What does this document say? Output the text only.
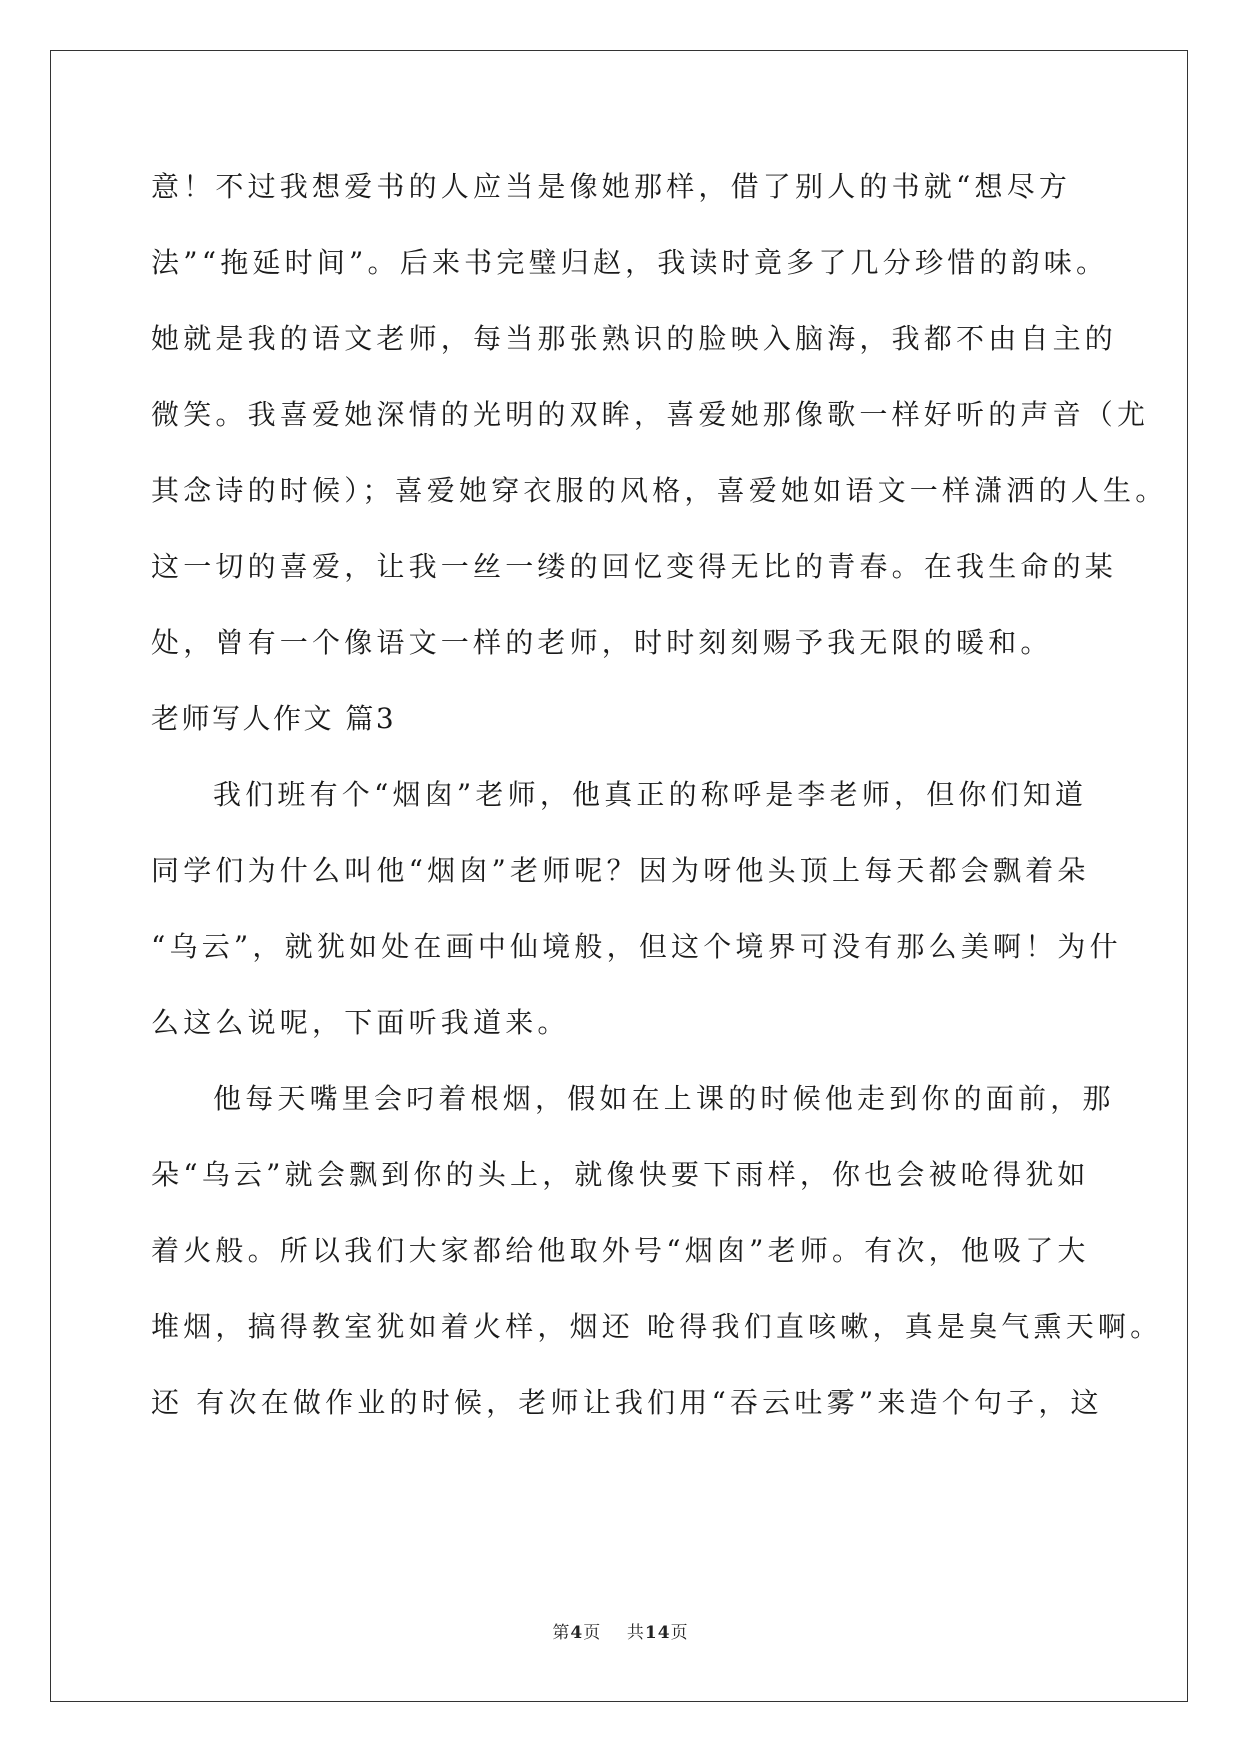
意！不过我想爱书的人应当是像她那样，借了别人的书就“想尽方
法”“拖延时间”。后来书完璧归赵，我读时竟多了几分珍惜的韵味。
她就是我的语文老师，每当那张熟识的脸映入脑海，我都不由自主的
微笑。我喜爱她深情的光明的双眸，喜爱她那像歌一样好听的声音（尤
其念诗的时候）；喜爱她穿衣服的风格，喜爱她如语文一样潇洒的人生。
这一切的喜爱，让我一丝一缕的回忆变得无比的青春。在我生命的某
处，曾有一个像语文一样的老师，时时刻刻赐予我无限的暖和。
老师写人作文 篇3
我们班有个“烟囱”老师，他真正的称呼是李老师，但你们知道
同学们为什么叫他“烟囱”老师呢？因为呀他头顶上每天都会飘着朵
“乌云”，就犹如处在画中仙境般，但这个境界可没有那么美啊！为什
么这么说呢，下面听我道来。
他每天嘴里会叼着根烟，假如在上课的时候他走到你的面前，那
朵“乌云”就会飘到你的头上，就像快要下雨样，你也会被呛得犹如
着火般。所以我们大家都给他取外号“烟囱”老师。有次，他吸了大
堆烟，搞得教室犹如着火样，烟还 呛得我们直咳嗽，真是臭气熏天啊。
还 有次在做作业的时候，老师让我们用“吞云吐雾”来造个句子，这
第4页 共14页
